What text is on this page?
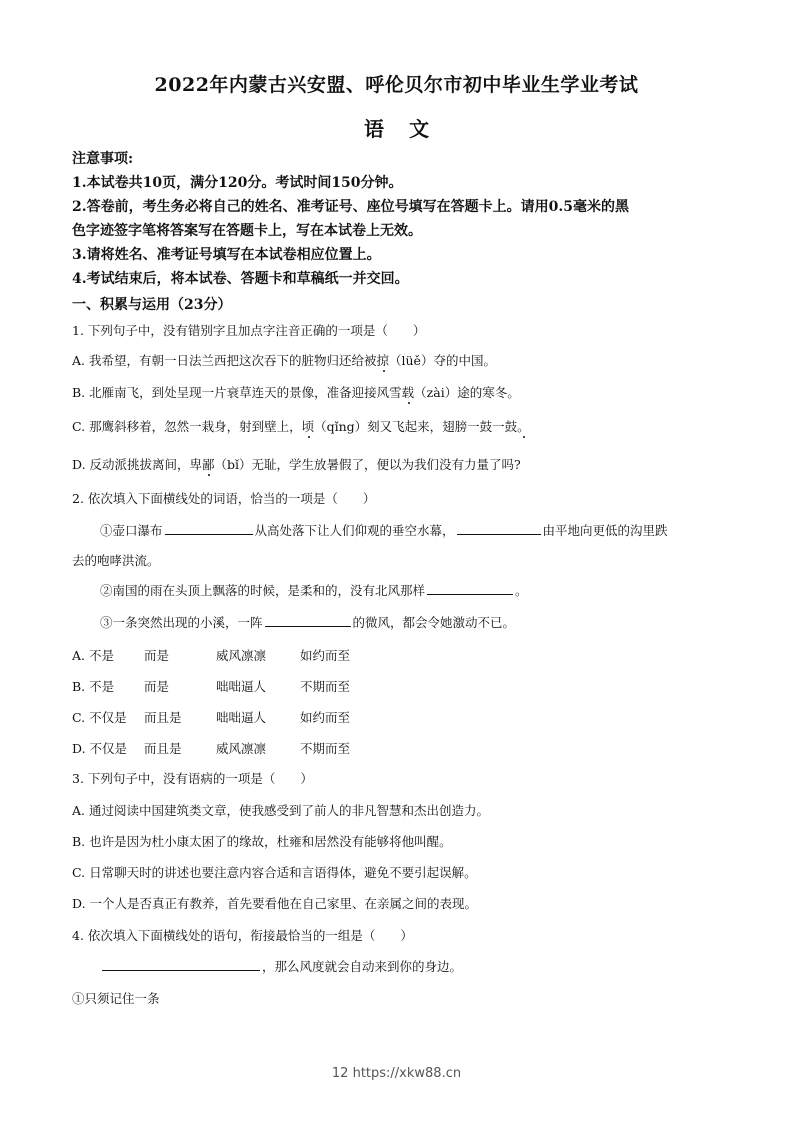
2022年内蒙古兴安盟、呼伦贝尔市初中毕业生学业考试
语 文
注意事项:
1.本试卷共10页，满分120分。考试时间150分钟。
2.答卷前，考生务必将自己的姓名、准考证号、座位号填写在答题卡上。请用0.5毫米的黑
色字迹签字笔将答案写在答题卡上，写在本试卷上无效。
3.请将姓名、准考证号填写在本试卷相应位置上。
4.考试结束后，将本试卷、答题卡和草稿纸一并交回。
一、积累与运用（23分）
1. 下列句子中，没有错别字且加点字注音正确的一项是（　　）
A. 我希望，有朝一日法兰西把这次吞下的脏物归还给被掠（lüě）夺的中国。
B. 北雁南飞，到处呈现一片衰草连天的景像，准备迎接风雪载（zài）途的寒冬。
C. 那鹰斜移着，忽然一栽身，射到壁上，顷（qǐng）刻又飞起来，翅膀一鼓一鼓。
D. 反动派挑拔离间，卑鄙（bǐ）无耻，学生放暑假了，便以为我们没有力量了吗?
2. 依次填入下面横线处的词语，恰当的一项是（　　）
①壶口瀑布	从高处落下让人们仰观的垂空水幕，	由平地向更低的沟里跌
去的咆哮洪流。
②南国的雨在头顶上飘落的时候，是柔和的，没有北风那样	。
③一条突然出现的小溪，一阵	的微风，都会令她激动不已。
A. 不是 而是	威风凛凛	如约而至
B. 不是 而是	咄咄逼人	不期而至
C. 不仅是 而且是	咄咄逼人	如约而至
D. 不仅是 而且是	威风凛凛	不期而至
3. 下列句子中，没有语病的一项是（　　）
A. 通过阅读中国建筑类文章，使我感受到了前人的非凡智慧和杰出创造力。
B. 也许是因为杜小康太困了的缘故，杜雍和居然没有能够将他叫醒。
C. 日常聊天时的讲述也要注意内容合适和言语得体，避免不要引起误解。
D. 一个人是否真正有教养，首先要看他在自己家里、在亲属之间的表现。
4. 依次填入下面横线处的语句，衔接最恰当的一组是（　　）
，那么风度就会自动来到你的身边。
①只须记住一条
12 https://xkw88.cn
